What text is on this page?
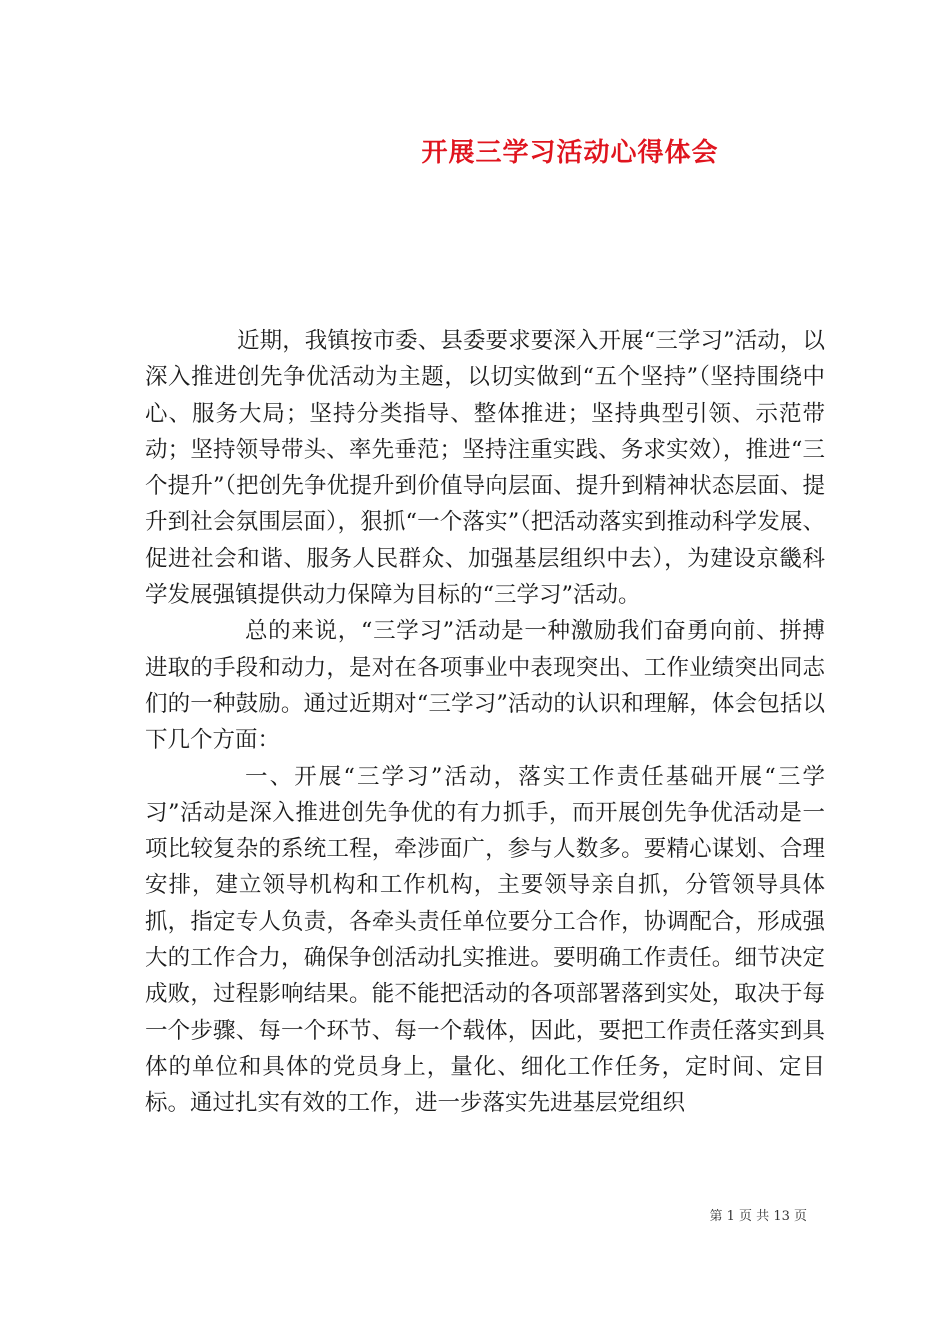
开展三学习活动心得体会

近期，我镇按市委、县委要求要深入开展“三学习”活动，以深入推进创先争优活动为主题，以切实做到“五个坚持”（坚持围绕中心、服务大局；坚持分类指导、整体推进；坚持典型引领、示范带动；坚持领导带头、率先垂范；坚持注重实践、务求实效），推进“三个提升”（把创先争优提升到价值导向层面、提升到精神状态层面、提升到社会氛围层面），狠抓“一个落实”（把活动落实到推动科学发展、促进社会和谐、服务人民群众、加强基层组织中去），为建设京畿科学发展强镇提供动力保障为目标的“三学习”活动。

总的来说，“三学习”活动是一种激励我们奋勇向前、拼搏进取的手段和动力，是对在各项事业中表现突出、工作业绩突出同志们的一种鼓励。通过近期对“三学习”活动的认识和理解，体会包括以下几个方面：

一、开展“三学习”活动，落实工作责任基础开展“三学习”活动是深入推进创先争优的有力抓手，而开展创先争优活动是一项比较复杂的系统工程，牵涉面广，参与人数多。要精心谋划、合理安排，建立领导机构和工作机构，主要领导亲自抓，分管领导具体抓，指定专人负责，各牵头责任单位要分工合作，协调配合，形成强大的工作合力，确保争创活动扎实推进。要明确工作责任。细节决定成败，过程影响结果。能不能把活动的各项部署落到实处，取决于每一个步骤、每一个环节、每一个载体，因此，要把工作责任落实到具体的单位和具体的党员身上，量化、细化工作任务，定时间、定目标。通过扎实有效的工作，进一步落实先进基层党组织

第 1 页 共 13 页
